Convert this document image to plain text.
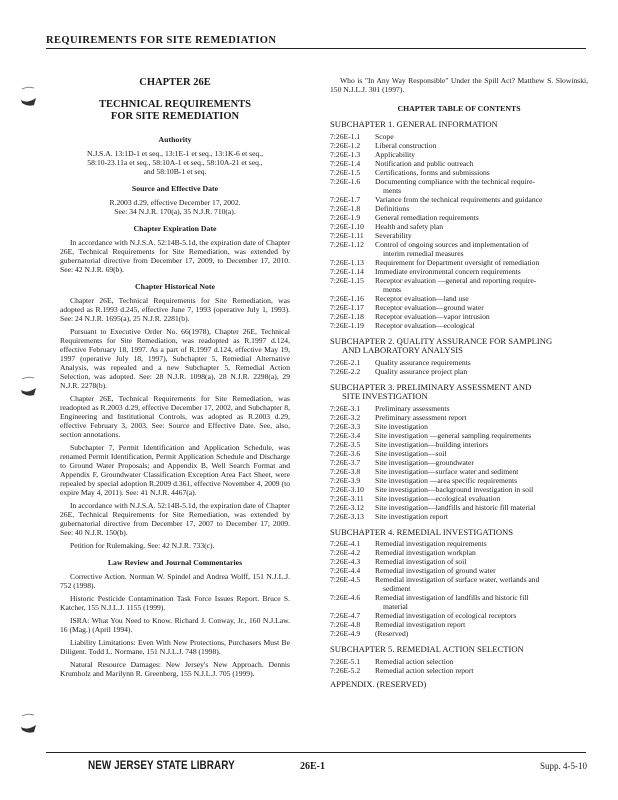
REQUIREMENTS FOR SITE REMEDIATION
CHAPTER 26E
TECHNICAL REQUIREMENTS
FOR SITE REMEDIATION
Authority
N.J.S.A. 13:1D-1 et seq., 13:1E-1 et seq., 13:1K-6 et seq.,
58:10-23.11a et seq., 58:10A-1 et seq., 58:10A-21 et seq.,
and 58:10B-1 et seq.
Source and Effective Date
R.2003 d.29, effective December 17, 2002.
See: 34 N.J.R. 170(a), 35 N.J.R. 710(a).
Chapter Expiration Date
In accordance with N.J.S.A. 52:14B-5.1d, the expiration date of Chapter 26E, Technical Requirements for Site Remediation, was extended by gubernatorial directive from December 17, 2009, to December 17, 2010. See: 42 N.J.R. 69(b).
Chapter Historical Note
Chapter 26E, Technical Requirements for Site Remediation, was adopted as R.1993 d.245, effective June 7, 1993 (operative July 1, 1993). See: 24 N.J.R. 1695(a), 25 N.J.R. 2281(b).
Pursuant to Executive Order No. 66(1978), Chapter 26E, Technical Requirements for Site Remediation, was readopted as R.1997 d.124, effective February 18, 1997. As a part of R.1997 d.124, effective May 19, 1997 (operative July 18, 1997), Subchapter 5, Remedial Alternative Analysis, was repealed and a new Subchapter 5, Remedial Action Selection, was adopted. See: 28 N.J.R. 1098(a), 28 N.J.R. 2298(a), 29 N.J.R. 2278(b).
Chapter 26E, Technical Requirements for Site Remediation, was readopted as R.2003 d.29, effective December 17, 2002, and Subchapter 8, Engineering and Institutional Controls, was adopted as R.2003 d.29, effective February 3, 2003. See: Source and Effective Date. See, also, section annotations.
Subchapter 7, Permit Identification and Application Schedule, was renamed Permit Identification, Permit Application Schedule and Discharge to Ground Water Proposals; and Appendix B, Well Search Format and Appendix F, Groundwater Classification Exception Area Fact Sheet, were repealed by special adoption R.2009 d.361, effective November 4, 2009 (to expire May 4, 2011). See: 41 N.J.R. 4467(a).
In accordance with N.J.S.A. 52:14B-5.1d, the expiration date of Chapter 26E, Technical Requirements for Site Remediation, was extended by gubernatorial directive from December 17, 2007 to December 17, 2009. See: 40 N.J.R. 150(b).
Petition for Rulemaking. See: 42 N.J.R. 733(c).
Law Review and Journal Commentaries
Corrective Action. Norman W. Spindel and Andrea Wolff, 151 N.J.L.J. 752 (1998).
Historic Pesticide Contamination Task Force Issues Report. Bruce S. Katcher, 155 N.J.L.J. 1155 (1999).
ISRA: What You Need to Know. Richard J. Conway, Jr., 160 N.J.Law. 16 (Mag.) (April 1994).
Liability Limitations: Even With New Protections, Purchasers Must Be Diligent. Todd L. Normane, 151 N.J.L.J. 748 (1998).
Natural Resource Damages: New Jersey's New Approach. Dennis Krumholz and Marilynn R. Greenberg, 155 N.J.L.J. 705 (1999).
Who is "In Any Way Responsible" Under the Spill Act? Matthew S. Slowinski, 150 N.J.L.J. 301 (1997).
CHAPTER TABLE OF CONTENTS
SUBCHAPTER 1. GENERAL INFORMATION
7:26E-1.1	Scope
7:26E-1.2	Liberal construction
7:26E-1.3	Applicability
7:26E-1.4	Notification and public outreach
7:26E-1.5	Certifications, forms and submissions
7:26E-1.6	Documenting compliance with the technical require-
ments
7:26E-1.7	Variance from the technical requirements and guidance
7:26E-1.8	Definitions
7:26E-1.9	General remediation requirements
7:26E-1.10	Health and safety plan
7:26E-1.11	Severability
7:26E-1.12	Control of ongoing sources and implementation of
interim remedial measures
7:26E-1.13	Requirement for Department oversight of remediation
7:26E-1.14	Immediate environmental concern requirements
7:26E-1.15	Receptor evaluation —general and reporting require-
ments
7:26E-1.16	Receptor evaluation—land use
7:26E-1.17	Receptor evaluation—ground water
7:26E-1.18	Receptor evaluation—vapor intrusion
7:26E-1.19	Receptor evaluation—ecological
SUBCHAPTER 2. QUALITY ASSURANCE FOR SAMPLING
AND LABORATORY ANALYSIS
7:26E-2.1	Quality assurance requirements
7:26E-2.2	Quality assurance project plan
SUBCHAPTER 3. PRELIMINARY ASSESSMENT AND
SITE INVESTIGATION
7:26E-3.1	Preliminary assessments
7:26E-3.2	Preliminary assessment report
7:26E-3.3	Site investigation
7:26E-3.4	Site investigation —general sampling requirements
7:26E-3.5	Site investigation—building interiors
7:26E-3.6	Site investigation—soil
7:26E-3.7	Site investigation—groundwater
7:26E-3.8	Site investigation—surface water and sediment
7:26E-3.9	Site investigation —area specific requirements
7:26E-3.10	Site investigation—background investigation in soil
7:26E-3.11	Site investigation—ecological evaluation
7:26E-3.12	Site investigation—landfills and historic fill material
7:26E-3.13	Site investigation report
SUBCHAPTER 4. REMEDIAL INVESTIGATIONS
7:26E-4.1	Remedial investigation requirements
7:26E-4.2	Remedial investigation workplan
7:26E-4.3	Remedial investigation of soil
7:26E-4.4	Remedial investigation of ground water
7:26E-4.5	Remedial investigation of surface water, wetlands and
sediment
7:26E-4.6	Remedial investigation of landfills and historic fill
material
7:26E-4.7	Remedial investigation of ecological receptors
7:26E-4.8	Remedial investigation report
7:26E-4.9	(Reserved)
SUBCHAPTER 5. REMEDIAL ACTION SELECTION
7:26E-5.1	Remedial action selection
7:26E-5.2	Remedial action selection report
APPENDIX. (RESERVED)
NEW JERSEY STATE LIBRARY	26E-1	Supp. 4-5-10
